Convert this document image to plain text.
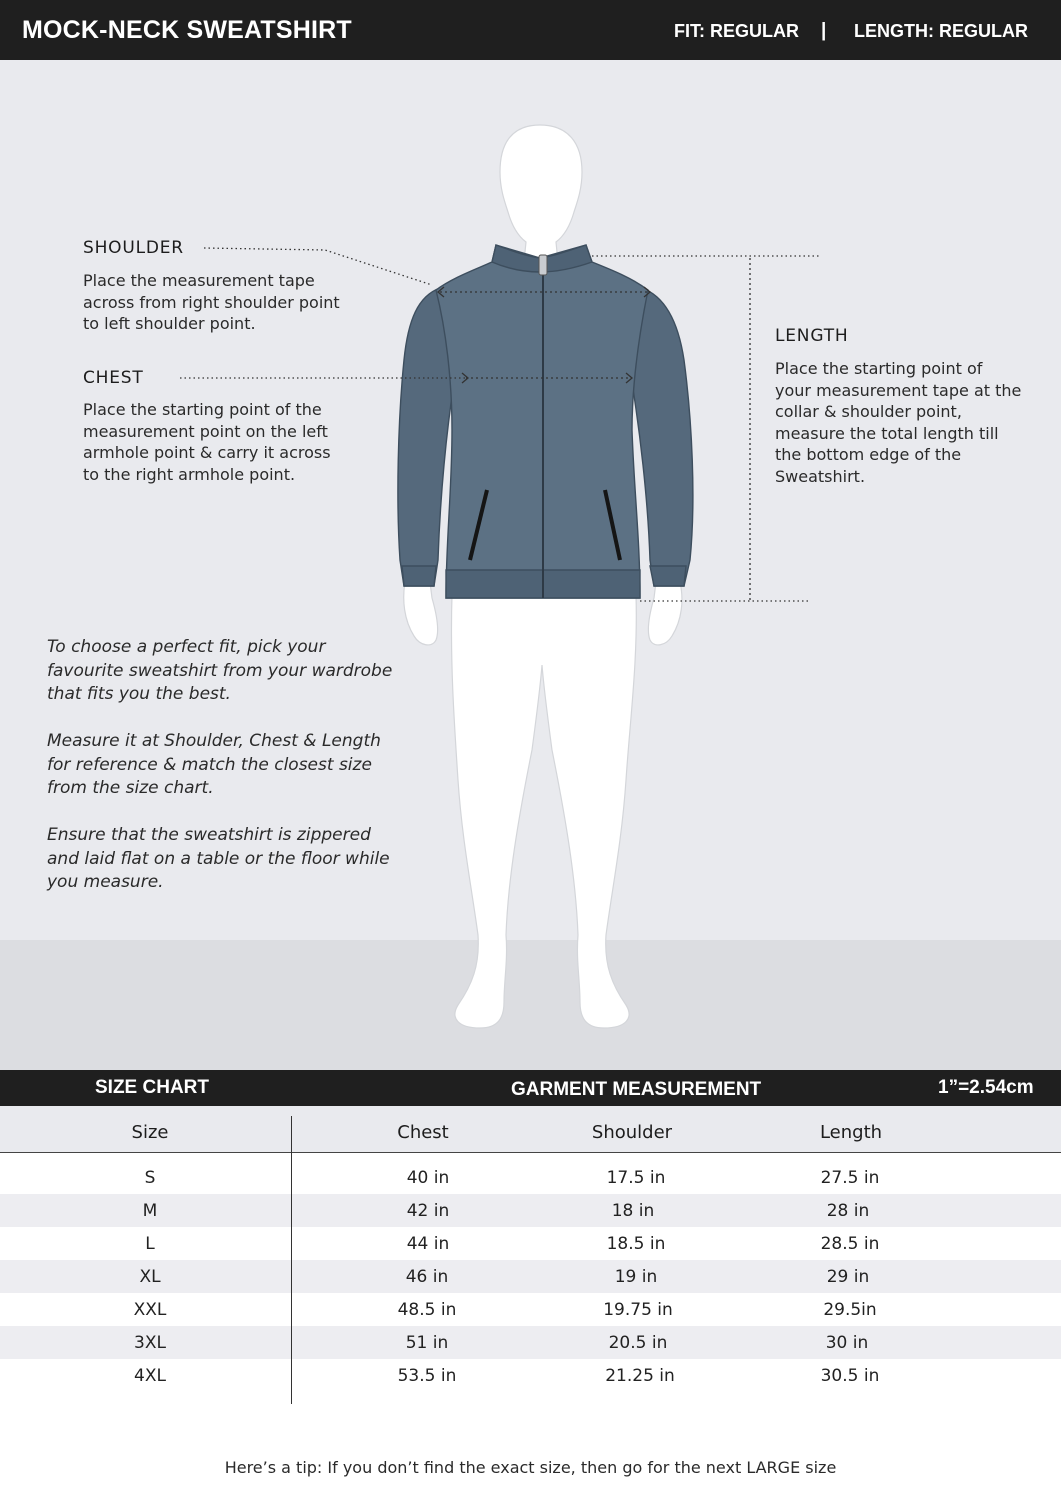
MOCK-NECK SWEATSHIRT	FIT: REGULAR | LENGTH: REGULAR
SHOULDER
Place the measurement tape
across from right shoulder point
to left shoulder point.
CHEST
Place the starting point of the
measurement point on the left
armhole point & carry it across
to the right armhole point.
LENGTH
Place the starting point of
your measurement tape at the
collar & shoulder point,
measure the total length till
the bottom edge of the
Sweatshirt.
To choose a perfect fit, pick your
favourite sweatshirt from your wardrobe
that fits you the best.
Measure it at Shoulder, Chest & Length
for reference & match the closest size
from the size chart.
Ensure that the sweatshirt is zippered
and laid flat on a table or the floor while
you measure.
SIZE CHART	GARMENT MEASUREMENT	1”=2.54cm
Size	Chest	Shoulder	Length
S	40 in	17.5 in	27.5 in
M	42 in	18 in	28 in
L	44 in	18.5 in	28.5 in
XL	46 in	19 in	29 in
XXL	48.5 in	19.75 in	29.5in
3XL	51 in	20.5 in	30 in
4XL	53.5 in	21.25 in	30.5 in
Here’s a tip: If you don’t find the exact size, then go for the next LARGE size
